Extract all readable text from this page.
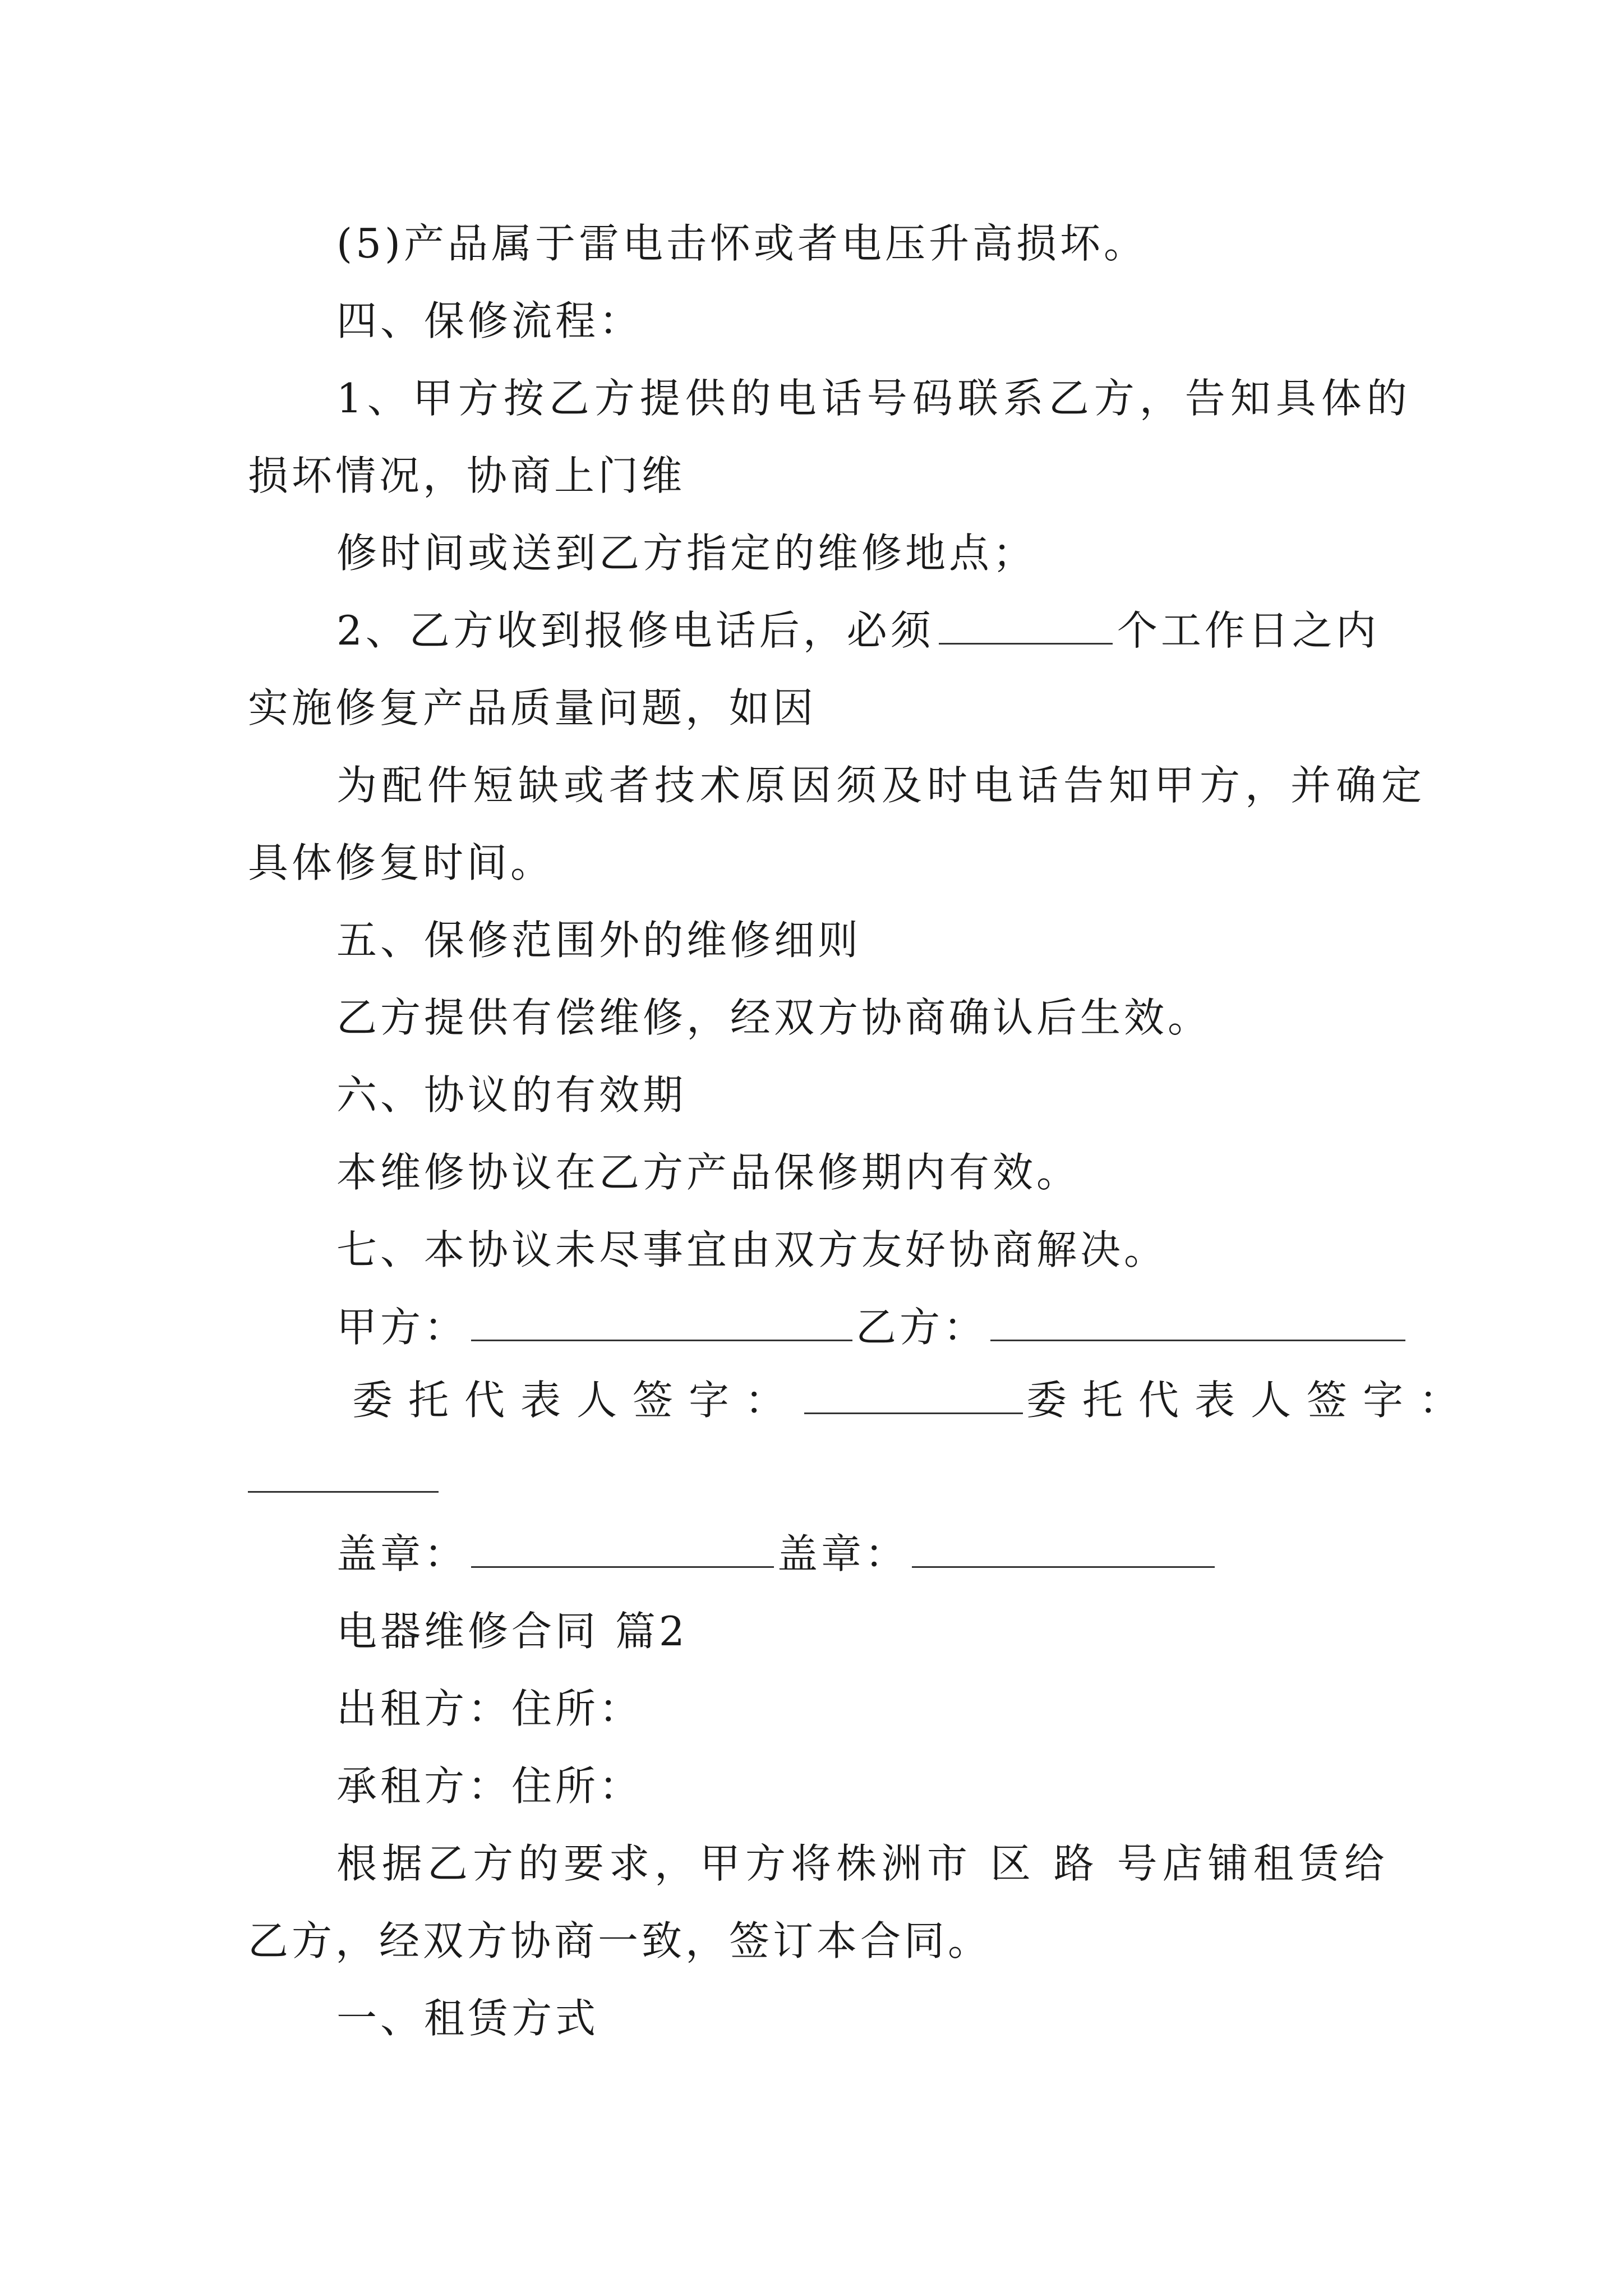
(5)产品属于雷电击怀或者电压升高损坏。
四、保修流程：
1、甲方按乙方提供的电话号码联系乙方，告知具体的
损坏情况，协商上门维
修时间或送到乙方指定的维修地点；
2、乙方收到报修电话后，必须	个工作日之内
实施修复产品质量问题，如因
为配件短缺或者技术原因须及时电话告知甲方，并确定
具体修复时间。
五、保修范围外的维修细则
乙方提供有偿维修，经双方协商确认后生效。
六、协议的有效期
本维修协议在乙方产品保修期内有效。
七、本协议未尽事宜由双方友好协商解决。
甲方：	乙方：
委托代表人签字：	委托代表人签字：
盖章：	盖章：
电器维修合同 篇2
出租方：住所：
承租方：住所：
根据乙方的要求，甲方将株洲市 区 路 号店铺租赁给
乙方，经双方协商一致，签订本合同。
一、租赁方式
